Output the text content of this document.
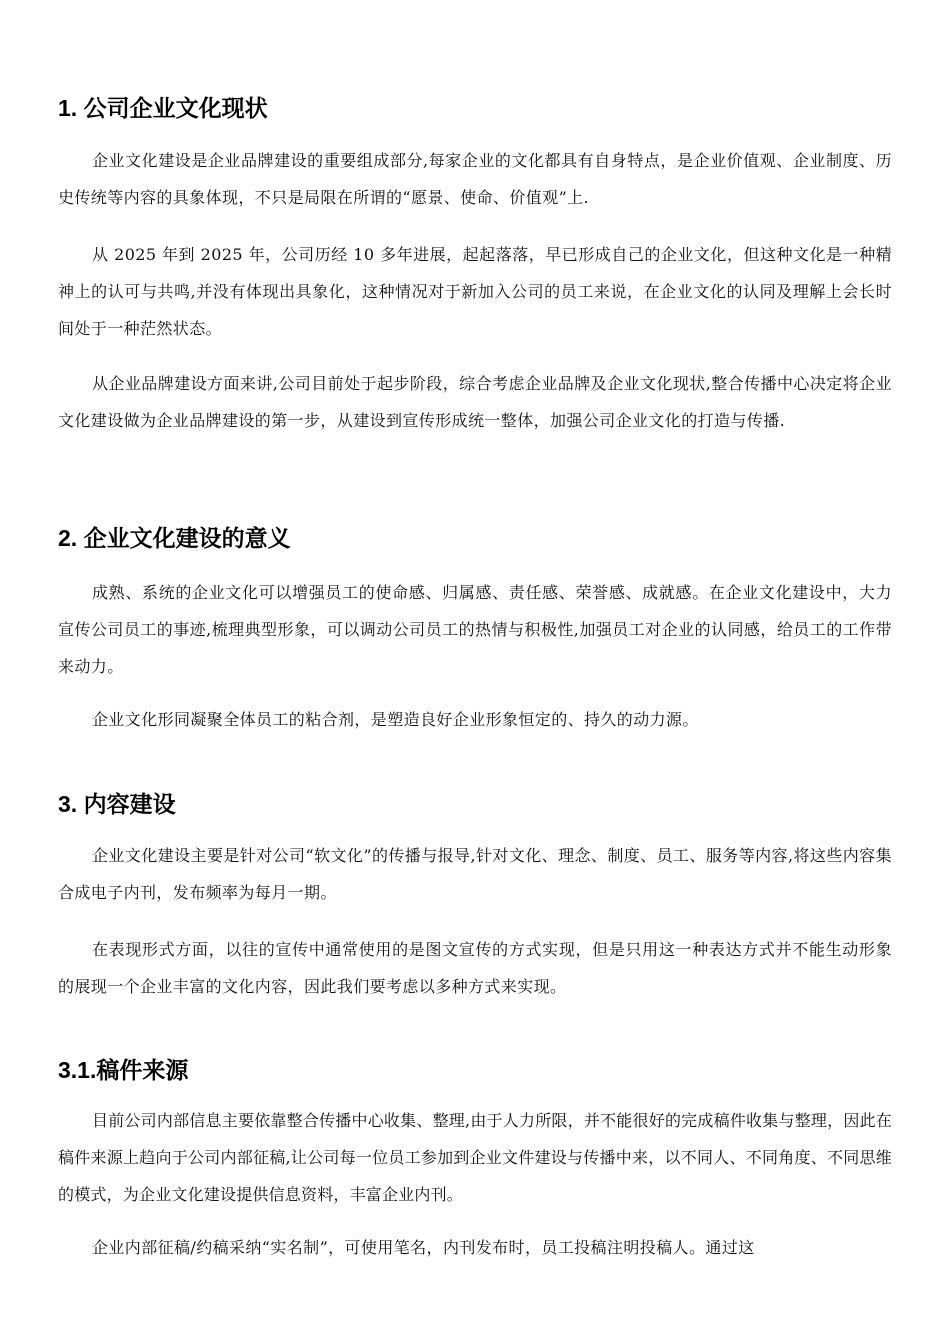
1. 公司企业文化现状

企业文化建设是企业品牌建设的重要组成部分,每家企业的文化都具有自身特点，是企业价值观、企业制度、历史传统等内容的具象体现，不只是局限在所谓的“愿景、使命、价值观”上.

从 2025 年到 2025 年，公司历经 10 多年进展，起起落落，早已形成自己的企业文化，但这种文化是一种精神上的认可与共鸣,并没有体现出具象化，这种情况对于新加入公司的员工来说，在企业文化的认同及理解上会长时间处于一种茫然状态。

从企业品牌建设方面来讲,公司目前处于起步阶段，综合考虑企业品牌及企业文化现状,整合传播中心决定将企业文化建设做为企业品牌建设的第一步，从建设到宣传形成统一整体，加强公司企业文化的打造与传播.

2. 企业文化建设的意义

成熟、系统的企业文化可以增强员工的使命感、归属感、责任感、荣誉感、成就感。在企业文化建设中，大力宣传公司员工的事迹,梳理典型形象，可以调动公司员工的热情与积极性,加强员工对企业的认同感，给员工的工作带来动力。

企业文化形同凝聚全体员工的粘合剂，是塑造良好企业形象恒定的、持久的动力源。

3. 内容建设

企业文化建设主要是针对公司“软文化”的传播与报导,针对文化、理念、制度、员工、服务等内容,将这些内容集合成电子内刊，发布频率为每月一期。

在表现形式方面，以往的宣传中通常使用的是图文宣传的方式实现，但是只用这一种表达方式并不能生动形象的展现一个企业丰富的文化内容，因此我们要考虑以多种方式来实现。

3.1.稿件来源

目前公司内部信息主要依靠整合传播中心收集、整理,由于人力所限，并不能很好的完成稿件收集与整理，因此在稿件来源上趋向于公司内部征稿,让公司每一位员工参加到企业文件建设与传播中来，以不同人、不同角度、不同思维的模式，为企业文化建设提供信息资料，丰富企业内刊。

企业内部征稿/约稿采纳“实名制”，可使用笔名，内刊发布时，员工投稿注明投稿人。通过这
